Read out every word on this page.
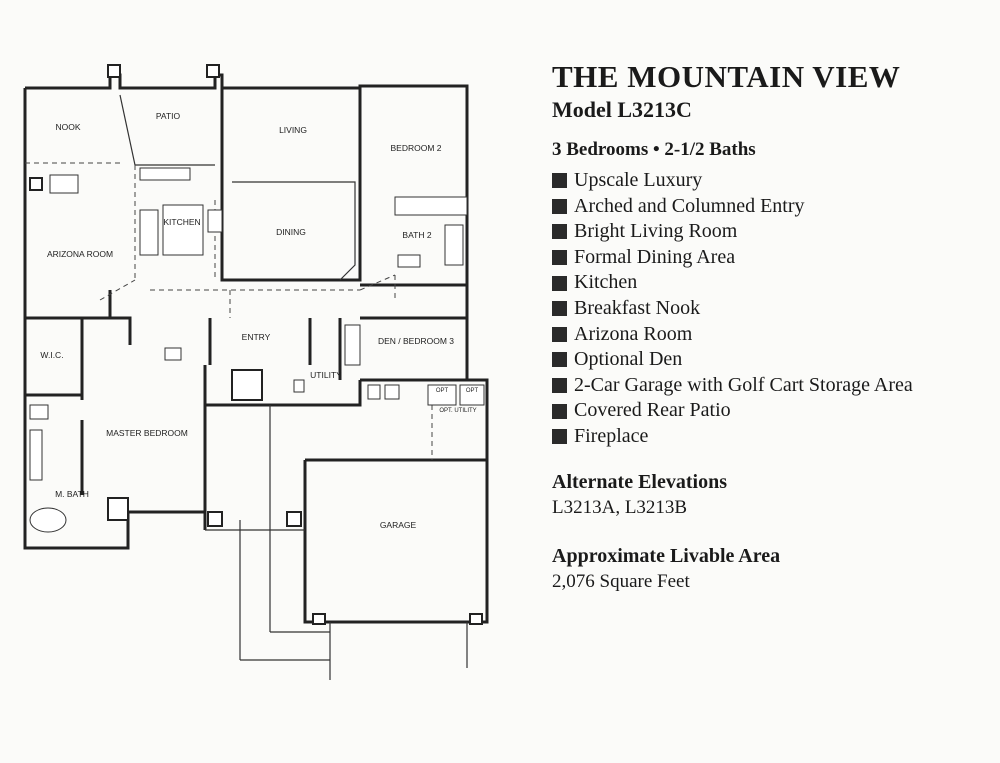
NOOK
PATIO
LIVING
BEDROOM 2
KITCHEN
DINING	BATH 2
ARIZONA ROOM
DEN / BEDROOM 3
W.I.C.
ENTRY
UTILITY
MASTER BEDROOM
M. BATH
GARAGE
OPT. UTILITY
OPT	OPT
THE MOUNTAIN VIEW

Model L3213C

3 Bedrooms • 2-1/2 Baths

Upscale Luxury
Arched and Columned Entry
Bright Living Room
Formal Dining Area
Kitchen
Breakfast Nook
Arizona Room
Optional Den
2-Car Garage with Golf Cart Storage Area
Covered Rear Patio
Fireplace

Alternate Elevations

L3213A, L3213B

Approximate Livable Area

2,076 Square Feet
